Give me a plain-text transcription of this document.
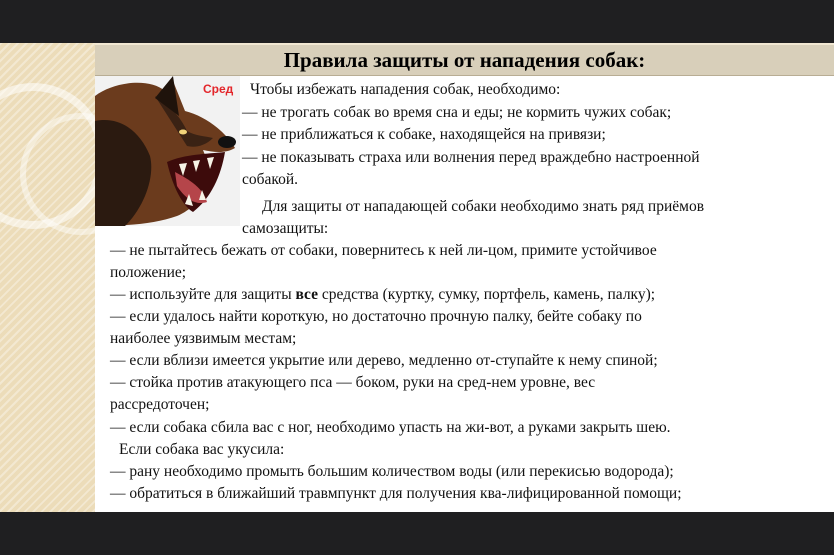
Правила защиты от нападения собак:
Сред Чтобы избежать нападения собак, необходимо:

— не трогать собак во время сна и еды; не кормить чужих собак;

— не приближаться к собаке, находящейся на привязи;

— не показывать страха или волнения перед враждебно настроенной

собакой.

Для защиты от нападающей собаки необходимо знать ряд приёмов

самозащиты:

— не пытайтесь бежать от собаки, повернитесь к ней ли-цом, примите устойчивое

положение;

— используйте для защиты все средства (куртку, сумку, портфель, камень, палку);

— если удалось найти короткую, но достаточно прочную палку, бейте собаку по

наиболее уязвимым местам;

— если вблизи имеется укрытие или дерево, медленно от-ступайте к нему спиной;

— стойка против атакующего пса — боком, руки на сред-нем уровне, вес

рассредоточен;

— если собака сбила вас с ног, необходимо упасть на жи-вот, а руками закрыть шею.

Если собака вас укусила:

— рану необходимо промыть большим количеством воды (или перекисью водорода);

— обратиться в ближайший травмпункт для получения ква-лифицированной помощи;
